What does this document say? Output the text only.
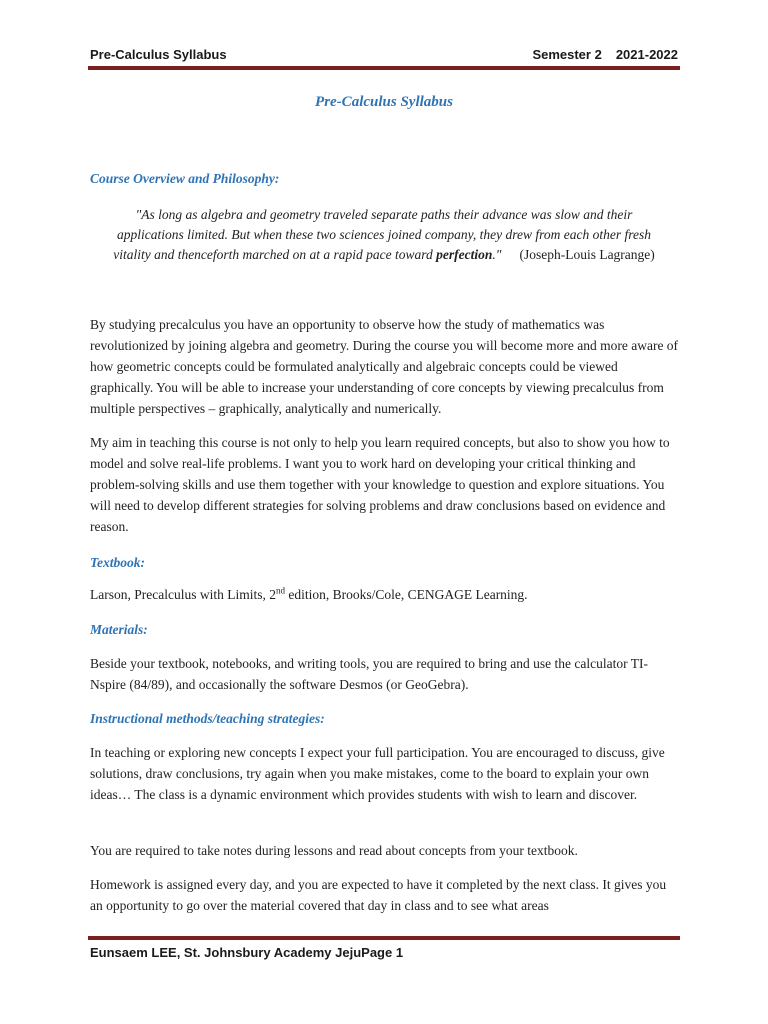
Pre-Calculus Syllabus	Semester 2 2021-2022
Pre-Calculus Syllabus
Course Overview and Philosophy:
"As long as algebra and geometry traveled separate paths their advance was slow and their applications limited. But when these two sciences joined company, they drew from each other fresh vitality and thenceforth marched on at a rapid pace toward perfection." (Joseph-Louis Lagrange)
By studying precalculus you have an opportunity to observe how the study of mathematics was revolutionized by joining algebra and geometry. During the course you will become more and more aware of how geometric concepts could be formulated analytically and algebraic concepts could be viewed graphically. You will be able to increase your understanding of core concepts by viewing precalculus from multiple perspectives – graphically, analytically and numerically.
My aim in teaching this course is not only to help you learn required concepts, but also to show you how to model and solve real-life problems. I want you to work hard on developing your critical thinking and problem-solving skills and use them together with your knowledge to question and explore situations. You will need to develop different strategies for solving problems and draw conclusions based on evidence and reason.
Textbook:
Larson, Precalculus with Limits, 2nd edition, Brooks/Cole, CENGAGE Learning.
Materials:
Beside your textbook, notebooks, and writing tools, you are required to bring and use the calculator TI-Nspire (84/89), and occasionally the software Desmos (or GeoGebra).
Instructional methods/teaching strategies:
In teaching or exploring new concepts I expect your full participation. You are encouraged to discuss, give solutions, draw conclusions, try again when you make mistakes, come to the board to explain your own ideas… The class is a dynamic environment which provides students with wish to learn and discover.
You are required to take notes during lessons and read about concepts from your textbook.
Homework is assigned every day, and you are expected to have it completed by the next class. It gives you an opportunity to go over the material covered that day in class and to see what areas
Eunsaem LEE, St. Johnsbury Academy JejuPage 1
